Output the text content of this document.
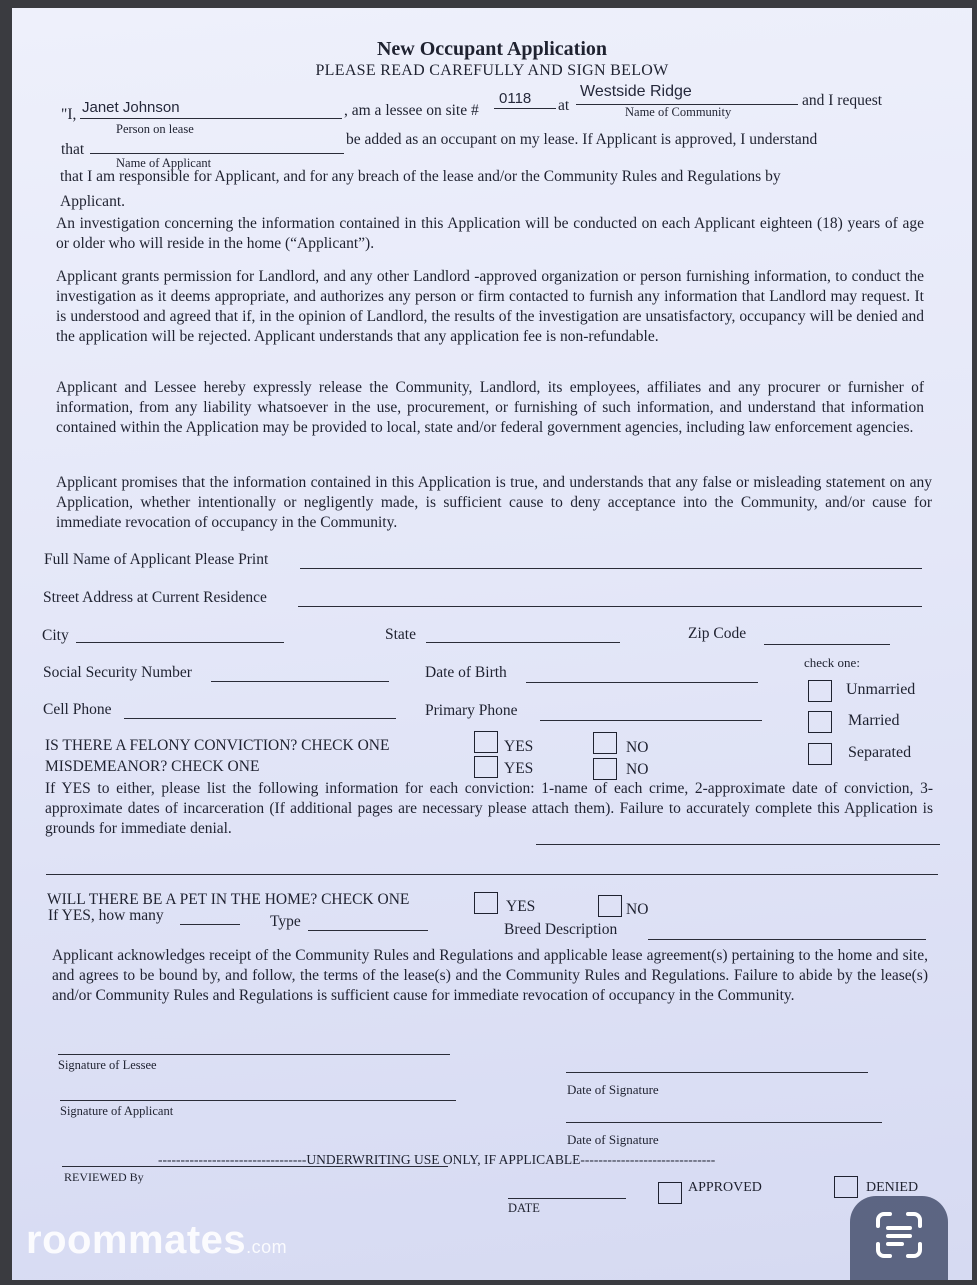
New Occupant Application
PLEASE READ CAREFULLY AND SIGN BELOW
"I, Janet Johnson
Person on lease
, am a lessee on site #
0118 at
Westside Ridge
Name of Community
and I request
that
Name of Applicant
be added as an occupant on my lease. If Applicant is approved, I understand
that I am responsible for Applicant, and for any breach of the lease and/or the Community Rules and Regulations by
Applicant.
An investigation concerning the information contained in this Application will be conducted on each Applicant eighteen (18) years of age or older who will reside in the home (“Applicant”).
Applicant grants permission for Landlord, and any other Landlord -approved organization or person furnishing information, to conduct the investigation as it deems appropriate, and authorizes any person or firm contacted to furnish any information that Landlord may request. It is understood and agreed that if, in the opinion of Landlord, the results of the investigation are unsatisfactory, occupancy will be denied and the application will be rejected. Applicant understands that any application fee is non-refundable.
Applicant and Lessee hereby expressly release the Community, Landlord, its employees, affiliates and any procurer or furnisher of information, from any liability whatsoever in the use, procurement, or furnishing of such information, and understand that information contained within the Application may be provided to local, state and/or federal government agencies, including law enforcement agencies.
Applicant promises that the information contained in this Application is true, and understands that any false or misleading statement on any Application, whether intentionally or negligently made, is sufficient cause to deny acceptance into the Community, and/or cause for immediate revocation of occupancy in the Community.
Full Name of Applicant Please Print
Street Address at Current Residence
City	State	Zip Code
Social Security Number	Date of Birth
Cell Phone	Primary Phone
check one:
Unmarried
Married
Separated
IS THERE A FELONY CONVICTION? CHECK ONE	YES	NO
MISDEMEANOR? CHECK ONE	YES	NO
If YES to either, please list the following information for each conviction: 1-name of each crime, 2-approximate date of conviction, 3-approximate dates of incarceration (If additional pages are necessary please attach them). Failure to accurately complete this Application is grounds for immediate denial.
WILL THERE BE A PET IN THE HOME? CHECK ONE	YES	NO
If YES, how many	Type	Breed Description
Applicant acknowledges receipt of the Community Rules and Regulations and applicable lease agreement(s) pertaining to the home and site, and agrees to be bound by, and follow, the terms of the lease(s) and the Community Rules and Regulations. Failure to abide by the lease(s) and/or Community Rules and Regulations is sufficient cause for immediate revocation of occupancy in the Community.
Signature of Lessee
Date of Signature
Signature of Applicant
Date of Signature
---------------------------------UNDERWRITING USE ONLY, IF APPLICABLE------------------------------
REVIEWED By
DATE
APPROVED	DENIED
roommates.com
